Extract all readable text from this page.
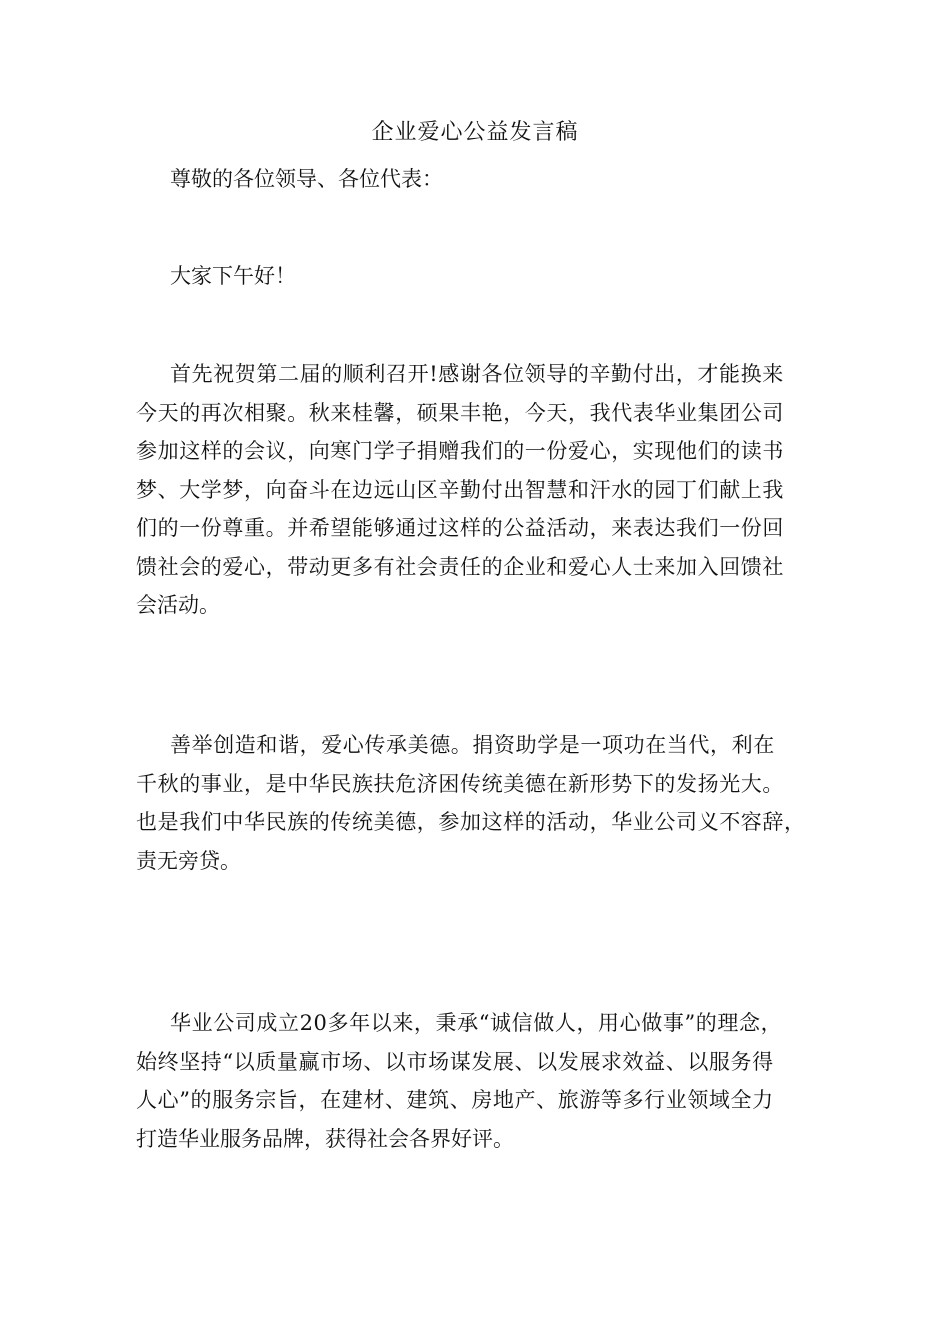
企业爱心公益发言稿
尊敬的各位领导、各位代表：
大家下午好！
首先祝贺第二届的顺利召开!感谢各位领导的辛勤付出，才能换来
今天的再次相聚。秋来桂馨，硕果丰艳，今天，我代表华业集团公司
参加这样的会议，向寒门学子捐赠我们的一份爱心，实现他们的读书
梦、大学梦，向奋斗在边远山区辛勤付出智慧和汗水的园丁们献上我
们的一份尊重。并希望能够通过这样的公益活动，来表达我们一份回
馈社会的爱心，带动更多有社会责任的企业和爱心人士来加入回馈社
会活动。
善举创造和谐，爱心传承美德。捐资助学是一项功在当代，利在
千秋的事业，是中华民族扶危济困传统美德在新形势下的发扬光大。
也是我们中华民族的传统美德，参加这样的活动，华业公司义不容辞，
责无旁贷。
华业公司成立20多年以来，秉承“诚信做人，用心做事”的理念，
始终坚持“以质量赢市场、以市场谋发展、以发展求效益、以服务得
人心”的服务宗旨，在建材、建筑、房地产、旅游等多行业领域全力
打造华业服务品牌，获得社会各界好评。
